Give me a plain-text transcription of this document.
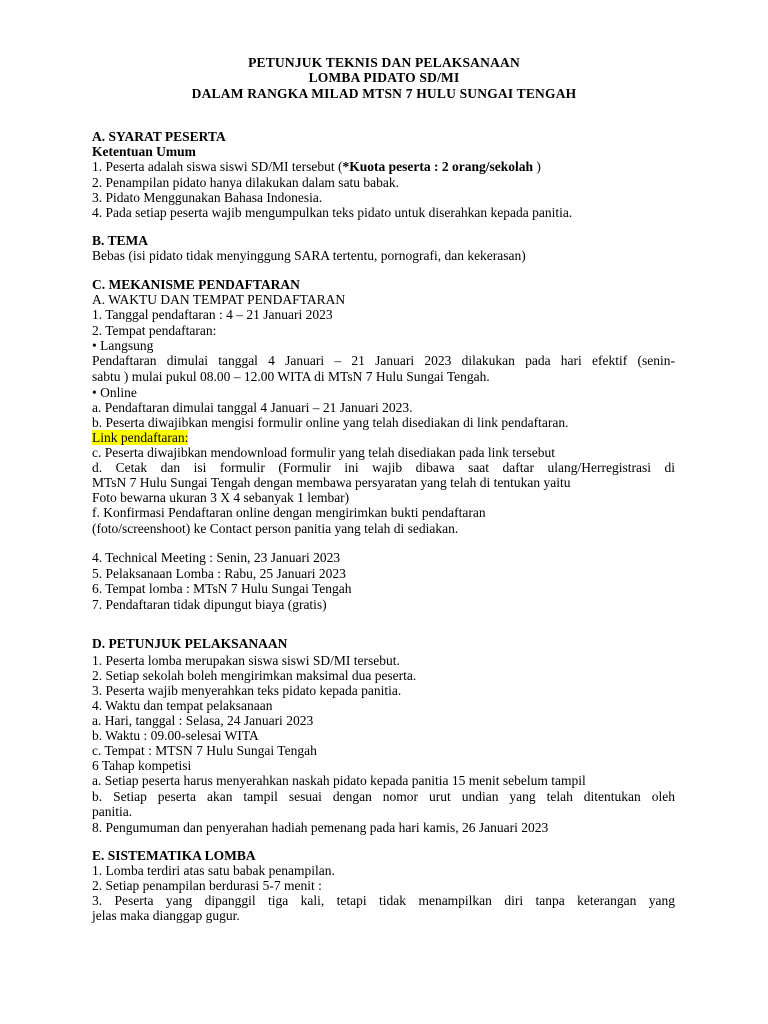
PETUNJUK TEKNIS DAN PELAKSANAAN
LOMBA PIDATO SD/MI
DALAM RANGKA MILAD MTSN 7 HULU SUNGAI TENGAH
A. SYARAT PESERTA
Ketentuan Umum
1. Peserta adalah siswa siswi SD/MI tersebut (*Kuota peserta : 2 orang/sekolah )
2. Penampilan pidato hanya dilakukan dalam satu babak.
3. Pidato Menggunakan Bahasa Indonesia.
4. Pada setiap peserta wajib mengumpulkan teks pidato untuk diserahkan kepada panitia.
B. TEMA
Bebas (isi pidato tidak menyinggung SARA tertentu, pornografi, dan kekerasan)
C. MEKANISME PENDAFTARAN
A. WAKTU DAN TEMPAT PENDAFTARAN
1. Tanggal pendaftaran : 4 – 21 Januari 2023
2. Tempat pendaftaran:
• Langsung
Pendaftaran dimulai tanggal 4 Januari – 21 Januari 2023 dilakukan pada hari efektif (senin-
sabtu ) mulai pukul 08.00 – 12.00 WITA di MTsN 7 Hulu Sungai Tengah.
• Online
a. Pendaftaran dimulai tanggal 4 Januari – 21 Januari 2023.
b. Peserta diwajibkan mengisi formulir online yang telah disediakan di link pendaftaran.
Link pendaftaran:
c. Peserta diwajibkan mendownload formulir yang telah disediakan pada link tersebut
d. Cetak dan isi formulir (Formulir ini wajib dibawa saat daftar ulang/Herregistrasi di
MTsN 7 Hulu Sungai Tengah dengan membawa persyaratan yang telah di tentukan yaitu
Foto bewarna ukuran 3 X 4 sebanyak 1 lembar)
f. Konfirmasi Pendaftaran online dengan mengirimkan bukti pendaftaran
(foto/screenshoot) ke Contact person panitia yang telah di sediakan.
4. Technical Meeting : Senin, 23 Januari 2023
5. Pelaksanaan Lomba : Rabu, 25 Januari 2023
6. Tempat lomba : MTsN 7 Hulu Sungai Tengah
7. Pendaftaran tidak dipungut biaya (gratis)
D. PETUNJUK PELAKSANAAN
1. Peserta lomba merupakan siswa siswi SD/MI tersebut.
2. Setiap sekolah boleh mengirimkan maksimal dua peserta.
3. Peserta wajib menyerahkan teks pidato kepada panitia.
4. Waktu dan tempat pelaksanaan
a. Hari, tanggal : Selasa, 24 Januari 2023
b. Waktu : 09.00-selesai WITA
c. Tempat : MTSN 7 Hulu Sungai Tengah
6 Tahap kompetisi
a. Setiap peserta harus menyerahkan naskah pidato kepada panitia 15 menit sebelum tampil
b. Setiap peserta akan tampil sesuai dengan nomor urut undian yang telah ditentukan oleh
panitia.
8. Pengumuman dan penyerahan hadiah pemenang pada hari kamis, 26 Januari 2023
E. SISTEMATIKA LOMBA
1. Lomba terdiri atas satu babak penampilan.
2. Setiap penampilan berdurasi 5-7 menit :
3. Peserta yang dipanggil tiga kali, tetapi tidak menampilkan diri tanpa keterangan yang
jelas maka dianggap gugur.
